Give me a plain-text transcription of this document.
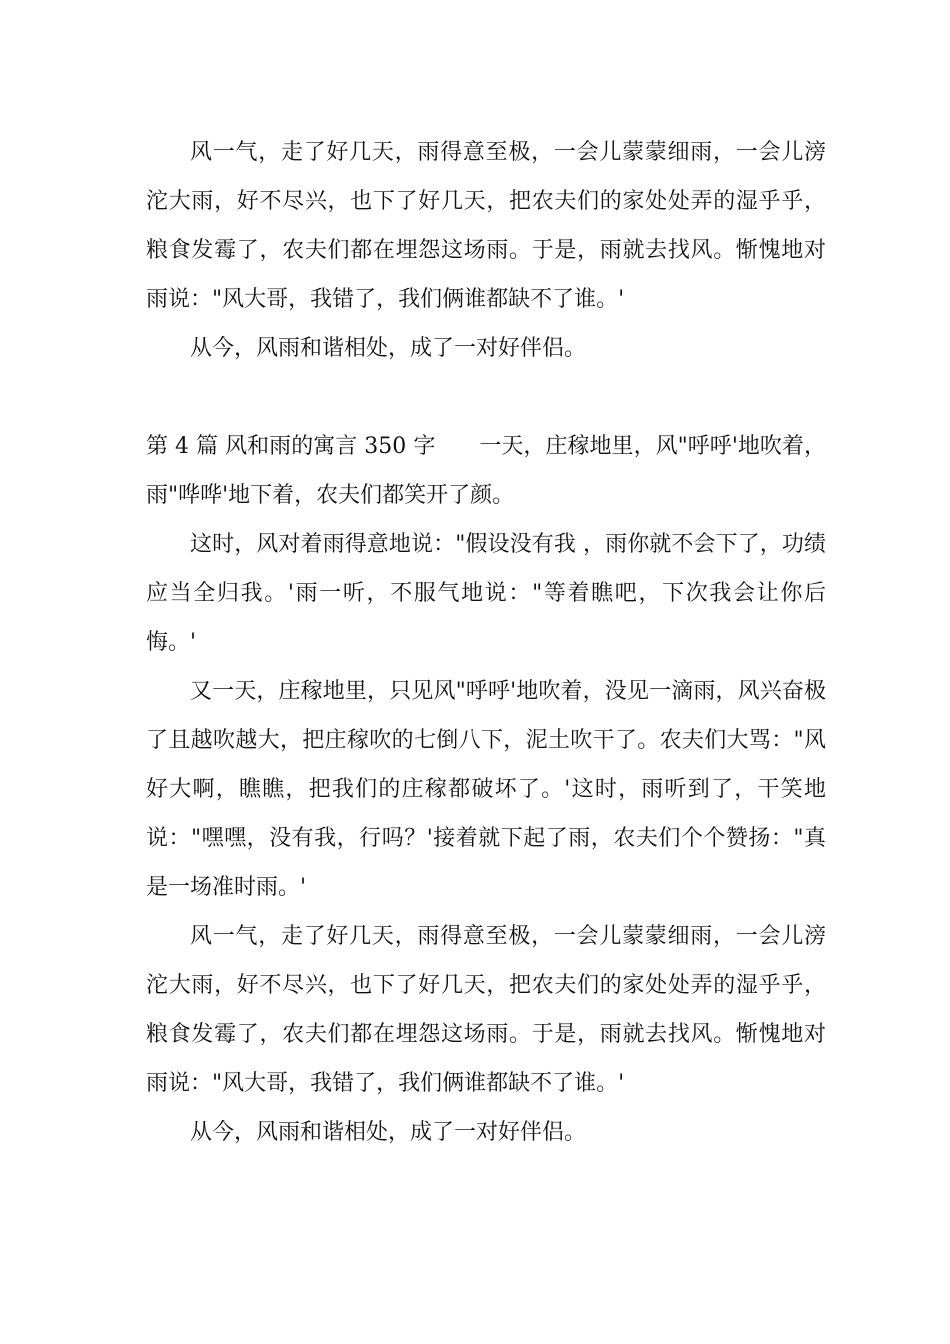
风一气，走了好几天，雨得意至极，一会儿蒙蒙细雨，一会儿滂沱大雨，好不尽兴，也下了好几天，把农夫们的家处处弄的湿乎乎，粮食发霉了，农夫们都在埋怨这场雨。于是，雨就去找风。惭愧地对雨说："风大哥，我错了，我们俩谁都缺不了谁。'

从今，风雨和谐相处，成了一对好伴侣。

第 4 篇 风和雨的寓言 350 字 一天，庄稼地里，风"呼呼'地吹着，雨"哗哗'地下着，农夫们都笑开了颜。

这时，风对着雨得意地说："假设没有我 ，雨你就不会下了，功绩应当全归我。'雨一听，不服气地说："等着瞧吧，下次我会让你后悔。'

又一天，庄稼地里，只见风"呼呼'地吹着，没见一滴雨，风兴奋极了且越吹越大，把庄稼吹的七倒八下，泥土吹干了。农夫们大骂："风好大啊，瞧瞧，把我们的庄稼都破坏了。'这时，雨听到了，干笑地说："嘿嘿，没有我，行吗？'接着就下起了雨，农夫们个个赞扬："真是一场准时雨。'

风一气，走了好几天，雨得意至极，一会儿蒙蒙细雨，一会儿滂沱大雨，好不尽兴，也下了好几天，把农夫们的家处处弄的湿乎乎，粮食发霉了，农夫们都在埋怨这场雨。于是，雨就去找风。惭愧地对雨说："风大哥，我错了，我们俩谁都缺不了谁。'

从今，风雨和谐相处，成了一对好伴侣。
